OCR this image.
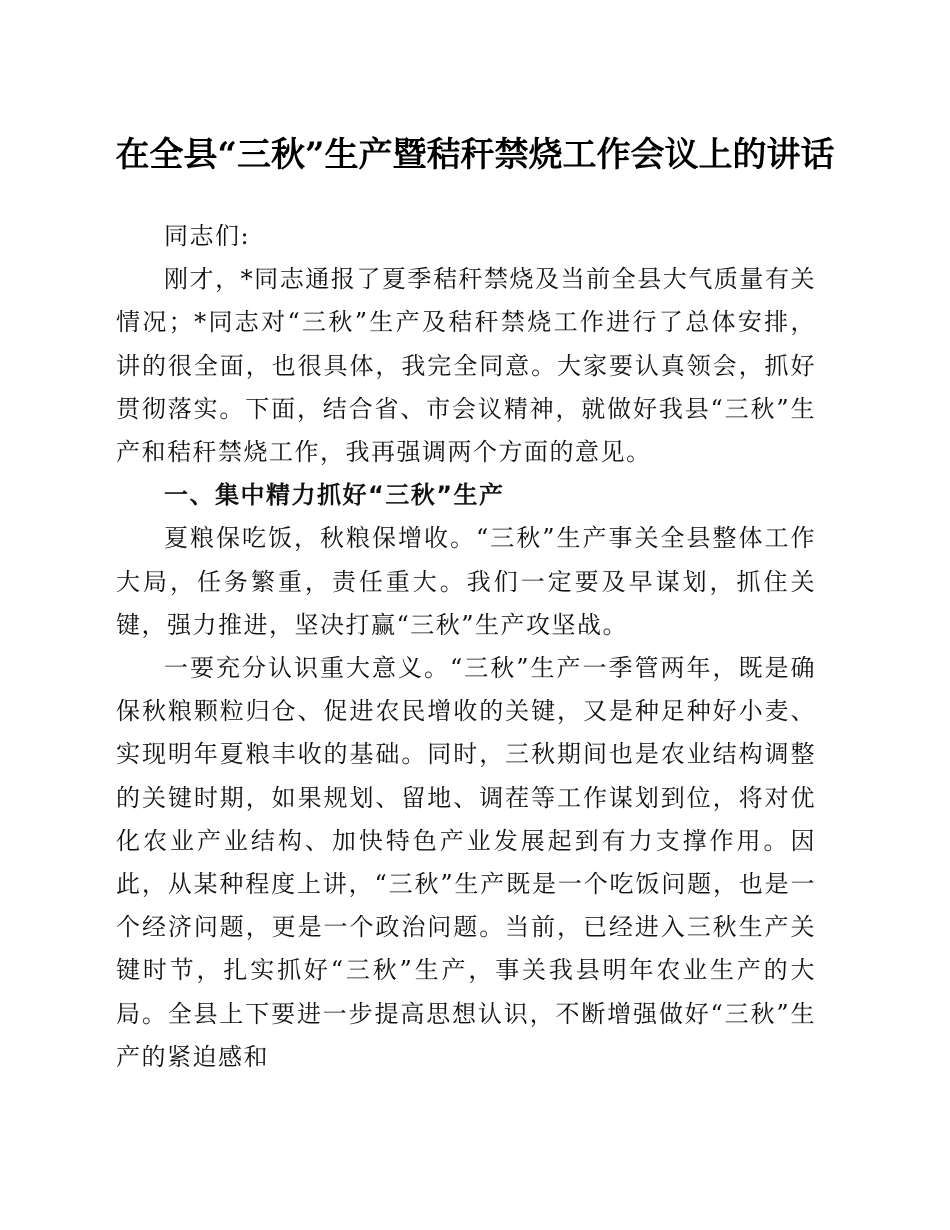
在全县“三秋”生产暨秸秆禁烧工作会议上的讲话

同志们:

刚才，*同志通报了夏季秸秆禁烧及当前全县大气质量有关情况；*同志对“三秋”生产及秸秆禁烧工作进行了总体安排，讲的很全面，也很具体，我完全同意。大家要认真领会，抓好贯彻落实。下面，结合省、市会议精神，就做好我县“三秋”生产和秸秆禁烧工作，我再强调两个方面的意见。

一、集中精力抓好“三秋”生产

夏粮保吃饭，秋粮保增收。“三秋”生产事关全县整体工作大局，任务繁重，责任重大。我们一定要及早谋划，抓住关键，强力推进，坚决打赢“三秋”生产攻坚战。

一要充分认识重大意义。“三秋”生产一季管两年，既是确保秋粮颗粒归仓、促进农民增收的关键，又是种足种好小麦、实现明年夏粮丰收的基础。同时，三秋期间也是农业结构调整的关键时期，如果规划、留地、调茬等工作谋划到位，将对优化农业产业结构、加快特色产业发展起到有力支撑作用。因此，从某种程度上讲，“三秋”生产既是一个吃饭问题，也是一个经济问题，更是一个政治问题。当前，已经进入三秋生产关键时节，扎实抓好“三秋”生产，事关我县明年农业生产的大局。全县上下要进一步提高思想认识，不断增强做好“三秋”生产的紧迫感和
